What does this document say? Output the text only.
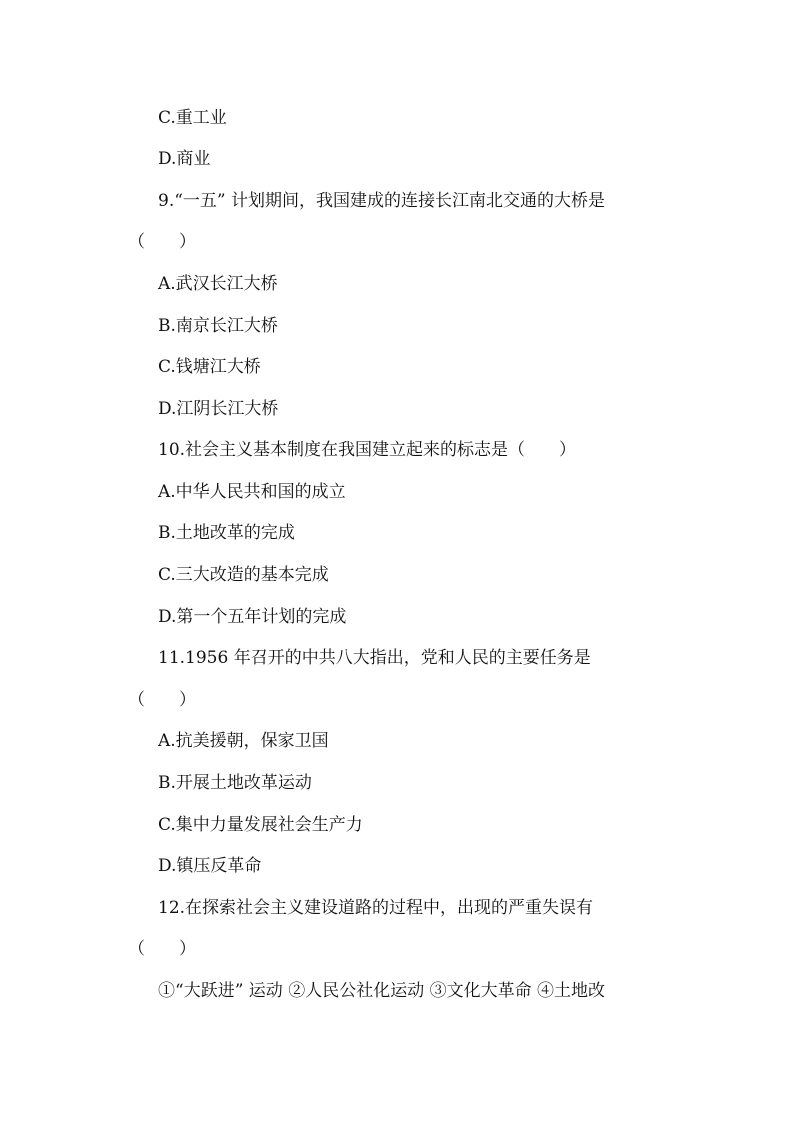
C.重工业
D.商业
9.“一五” 计划期间，我国建成的连接长江南北交通的大桥是
（　　）
A.武汉长江大桥
B.南京长江大桥
C.钱塘江大桥
D.江阴长江大桥
10.社会主义基本制度在我国建立起来的标志是（　　）
A.中华人民共和国的成立
B.土地改革的完成
C.三大改造的基本完成
D.第一个五年计划的完成
11.1956 年召开的中共八大指出，党和人民的主要任务是
（　　）
A.抗美援朝，保家卫国
B.开展土地改革运动
C.集中力量发展社会生产力
D.镇压反革命
12.在探索社会主义建设道路的过程中，出现的严重失误有
（　　）
①“大跃进” 运动 ②人民公社化运动 ③文化大革命 ④土地改
